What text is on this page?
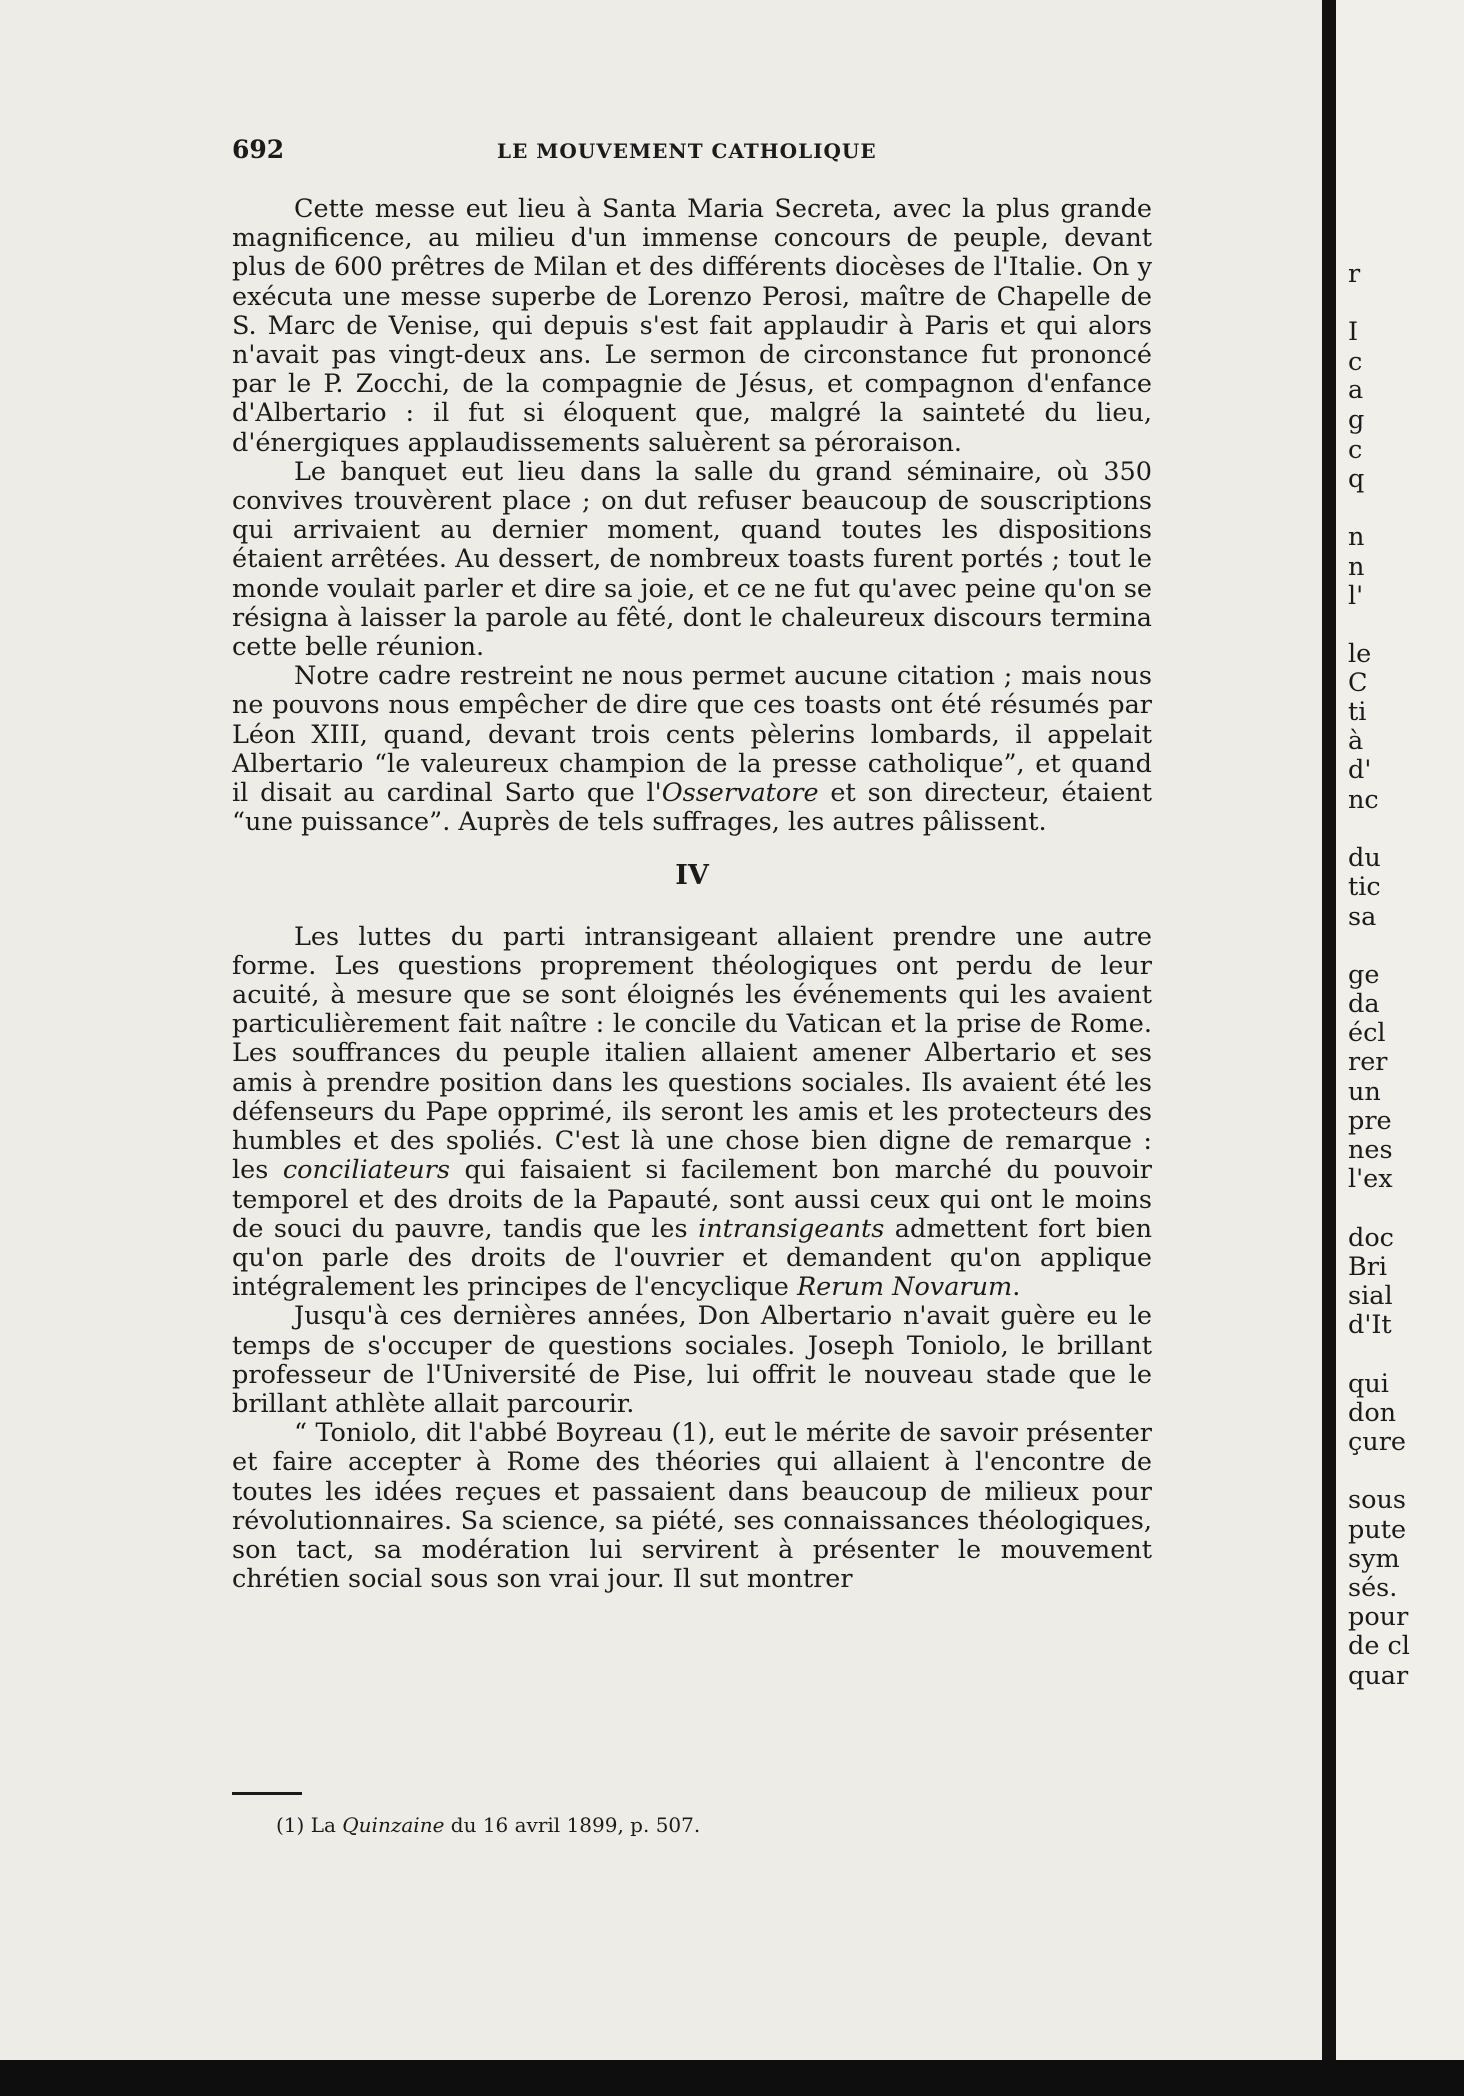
692	LE MOUVEMENT CATHOLIQUE

Cette messe eut lieu à Santa Maria Secreta, avec la plus grande magnificence, au milieu d'un immense concours de peuple, devant plus de 600 prêtres de Milan et des différents diocèses de l'Italie. On y exécuta une messe superbe de Lorenzo Perosi, maître de Chapelle de S. Marc de Venise, qui depuis s'est fait applaudir à Paris et qui alors n'avait pas vingt-deux ans. Le sermon de circonstance fut prononcé par le P. Zocchi, de la compagnie de Jésus, et compagnon d'enfance d'Albertario : il fut si éloquent que, malgré la sainteté du lieu, d'énergiques applaudissements saluèrent sa péroraison.

Le banquet eut lieu dans la salle du grand séminaire, où 350 convives trouvèrent place ; on dut refuser beaucoup de souscriptions qui arrivaient au dernier moment, quand toutes les dispositions étaient arrêtées. Au dessert, de nombreux toasts furent portés ; tout le monde voulait parler et dire sa joie, et ce ne fut qu'avec peine qu'on se résigna à laisser la parole au fêté, dont le chaleureux discours termina cette belle réunion.

Notre cadre restreint ne nous permet aucune citation ; mais nous ne pouvons nous empêcher de dire que ces toasts ont été résumés par Léon XIII, quand, devant trois cents pèlerins lombards, il appelait Albertario “le valeureux champion de la presse catholique”, et quand il disait au cardinal Sarto que l'Osservatore et son directeur, étaient “une puissance”. Auprès de tels suffrages, les autres pâlissent.

IV

Les luttes du parti intransigeant allaient prendre une autre forme. Les questions proprement théologiques ont perdu de leur acuité, à mesure que se sont éloignés les événements qui les avaient particulièrement fait naître : le concile du Vatican et la prise de Rome. Les souffrances du peuple italien allaient amener Albertario et ses amis à prendre position dans les questions sociales. Ils avaient été les défenseurs du Pape opprimé, ils seront les amis et les protecteurs des humbles et des spoliés. C'est là une chose bien digne de remarque : les conciliateurs qui faisaient si facilement bon marché du pouvoir temporel et des droits de la Papauté, sont aussi ceux qui ont le moins de souci du pauvre, tandis que les intransigeants admettent fort bien qu'on parle des droits de l'ouvrier et demandent qu'on applique intégralement les principes de l'encyclique Rerum Novarum.

Jusqu'à ces dernières années, Don Albertario n'avait guère eu le temps de s'occuper de questions sociales. Joseph Toniolo, le brillant professeur de l'Université de Pise, lui offrit le nouveau stade que le brillant athlète allait parcourir.

“ Toniolo, dit l'abbé Boyreau (1), eut le mérite de savoir présenter et faire accepter à Rome des théories qui allaient à l'encontre de toutes les idées reçues et passaient dans beaucoup de milieux pour révolutionnaires. Sa science, sa piété, ses connaissances théologiques, son tact, sa modération lui servirent à présenter le mouvement chrétien social sous son vrai jour. Il sut montrer

(1) La Quinzaine du 16 avril 1899, p. 507.
r
I
c
a
g
c
q
n
n
l'
le
C
ti
à
d'
nc
du
tic
sa
ge
da
écl
rer
un
pre
nes
l'ex
doc
Bri
sial
d'It
qui
don
çure
sous
pute
sym
sés.
pour
de cl
quar
